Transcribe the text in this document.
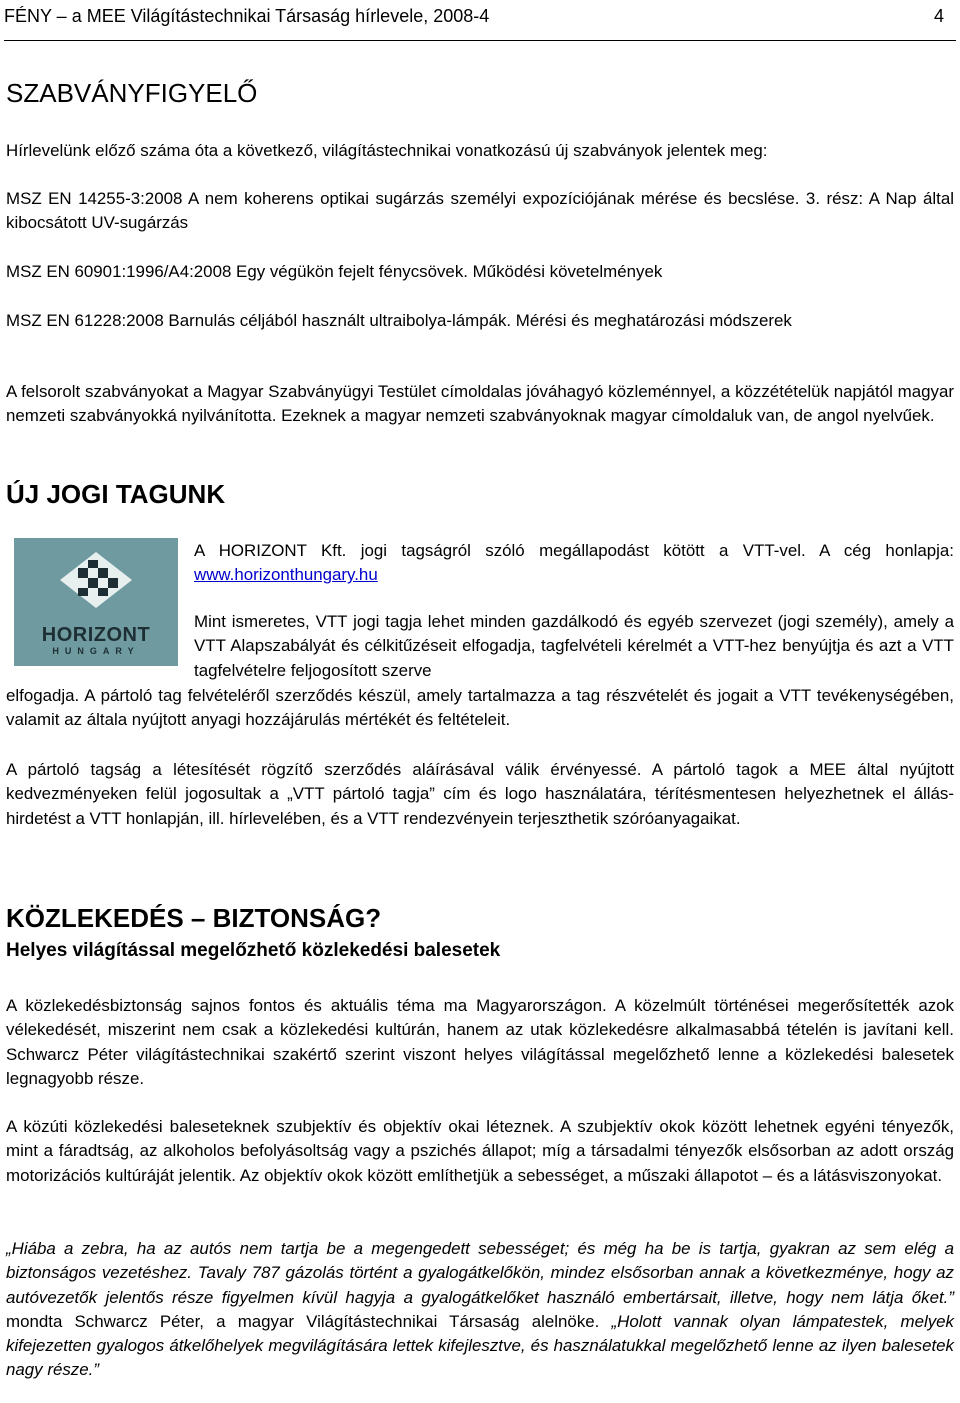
FÉNY – a MEE Világítástechnikai Társaság hírlevele, 2008-4	4
SZABVÁNYFIGYELŐ

Hírlevelünk előző száma óta a következő, világítástechnikai vonatkozású új szabványok jelentek meg:

MSZ EN 14255-3:2008 A nem koherens optikai sugárzás személyi expozíciójának mérése és becslése. 3. rész: A Nap által kibocsátott UV-sugárzás

MSZ EN 60901:1996/A4:2008 Egy végükön fejelt fénycsövek. Működési követelmények

MSZ EN 61228:2008 Barnulás céljából használt ultraibolya-lámpák. Mérési és meghatározási módszerek

A felsorolt szabványokat a Magyar Szabványügyi Testület címoldalas jóváhagyó közleménnyel, a közzétételük napjától magyar nemzeti szabványokká nyilvánította. Ezeknek a magyar nemzeti szabványoknak magyar címoldaluk van, de angol nyelvűek.

ÚJ JOGI TAGUNK
HORIZONT
HUNGARY

A HORIZONT Kft. jogi tagságról szóló megállapodást kötött a VTT-vel. A cég honlapja: www.horizonthungary.hu

Mint ismeretes, VTT jogi tagja lehet minden gazdálkodó és egyéb szervezet (jogi személy), amely a VTT Alapszabályát és célkitűzéseit elfogadja, tagfelvételi kérelmét a VTT-hez benyújtja és azt a VTT tagfelvételre feljogosított szerve

elfogadja. A pártoló tag felvételéről szerződés készül, amely tartalmazza a tag részvételét és jogait a VTT tevékenységében, valamit az általa nyújtott anyagi hozzájárulás mértékét és feltételeit.

A pártoló tagság a létesítését rögzítő szerződés aláírásával válik érvényessé. A pártoló tagok a MEE által nyújtott kedvezményeken felül jogosultak a „VTT pártoló tagja” cím és logo használatára, térítésmentesen helyezhetnek el álláshirdetést a VTT honlapján, ill. hírlevelében, és a VTT rendezvényein terjeszthetik szóróanyagaikat.

KÖZLEKEDÉS – BIZTONSÁG?
Helyes világítással megelőzhető közlekedési balesetek

A közlekedésbiztonság sajnos fontos és aktuális téma ma Magyarországon. A közelmúlt történései megerősítették azok vélekedését, miszerint nem csak a közlekedési kultúrán, hanem az utak közlekedésre alkalmasabbá tételén is javítani kell. Schwarcz Péter világítástechnikai szakértő szerint viszont helyes világítással megelőzhető lenne a közlekedési balesetek legnagyobb része.

A közúti közlekedési baleseteknek szubjektív és objektív okai léteznek. A szubjektív okok között lehetnek egyéni tényezők, mint a fáradtság, az alkoholos befolyásoltság vagy a pszichés állapot; míg a társadalmi tényezők elsősorban az adott ország motorizációs kultúráját jelentik. Az objektív okok között említhetjük a sebességet, a műszaki állapotot – és a látásviszonyokat.

„Hiába a zebra, ha az autós nem tartja be a megengedett sebességet; és még ha be is tartja, gyakran az sem elég a biztonságos vezetéshez. Tavaly 787 gázolás történt a gyalogátkelőkön, mindez elsősorban annak a következménye, hogy az autóvezetők jelentős része figyelmen kívül hagyja a gyalogátkelőket használó embertársait, illetve, hogy nem látja őket.” mondta Schwarcz Péter, a magyar Világítástechnikai Társaság alelnöke. „Holott vannak olyan lámpatestek, melyek kifejezetten gyalogos átkelőhelyek megvilágítására lettek kifejlesztve, és használatukkal megelőzhető lenne az ilyen balesetek nagy része.”
